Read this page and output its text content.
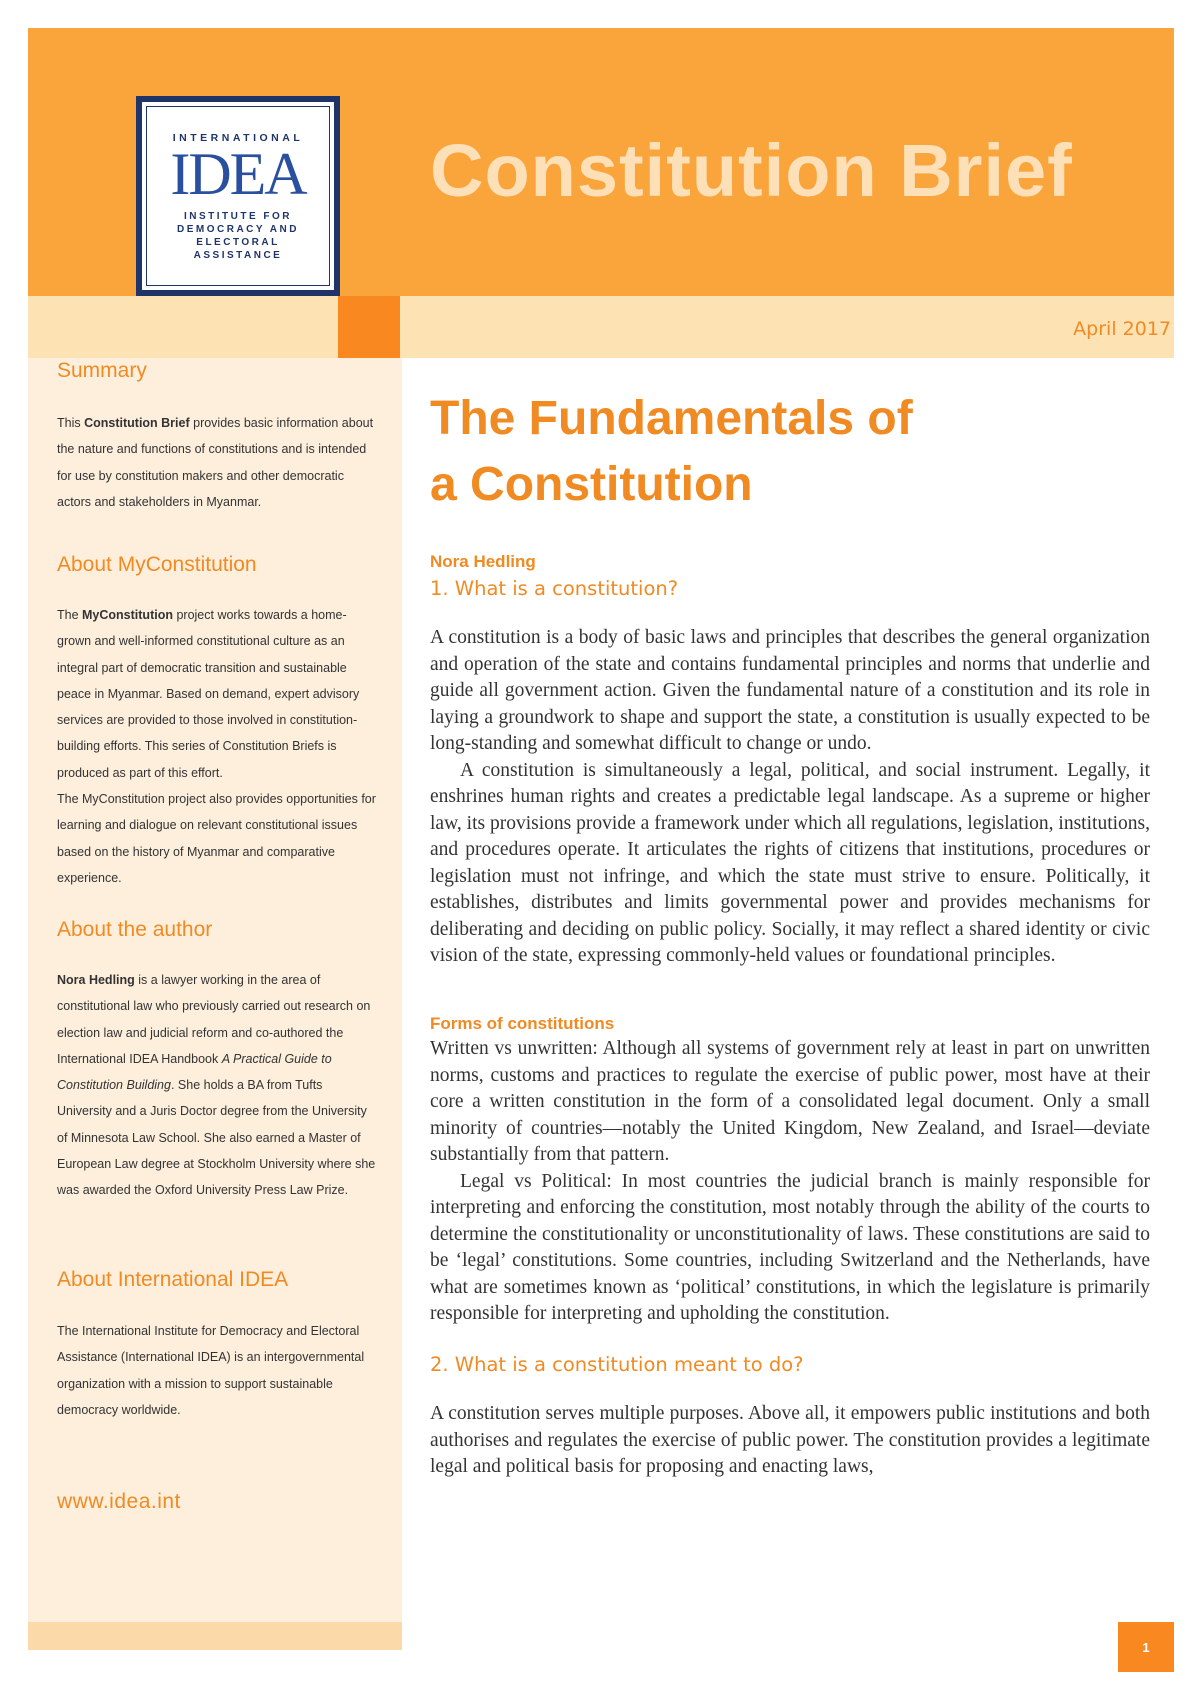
INTERNATIONAL
IDEA
INSTITUTE FOR
DEMOCRACY AND
ELECTORAL
ASSISTANCE
Constitution Brief
April 2017
Summary
This Constitution Brief provides basic information about the nature and functions of constitutions and is intended for use by constitution makers and other democratic actors and stakeholders in Myanmar.
About MyConstitution
The MyConstitution project works towards a home-grown and well-informed constitutional culture as an integral part of democratic transition and sustainable peace in Myanmar. Based on demand, expert advisory services are provided to those involved in constitution-building efforts. This series of Constitution Briefs is produced as part of this effort.
The MyConstitution project also provides opportunities for learning and dialogue on relevant constitutional issues based on the history of Myanmar and comparative experience.
About the author
Nora Hedling is a lawyer working in the area of constitutional law who previously carried out research on election law and judicial reform and co-authored the International IDEA Handbook A Practical Guide to Constitution Building. She holds a BA from Tufts University and a Juris Doctor degree from the University of Minnesota Law School. She also earned a Master of European Law degree at Stockholm University where she was awarded the Oxford University Press Law Prize.
About International IDEA
The International Institute for Democracy and Electoral Assistance (International IDEA) is an intergovernmental organization with a mission to support sustainable democracy worldwide.
www.idea.int
The Fundamentals of
a Constitution
Nora Hedling
1. What is a constitution?

A constitution is a body of basic laws and principles that describes the general organization and operation of the state and contains fundamental principles and norms that underlie and guide all government action. Given the fundamental nature of a constitution and its role in laying a groundwork to shape and support the state, a constitution is usually expected to be long-standing and somewhat difficult to change or undo.

A constitution is simultaneously a legal, political, and social instrument. Legally, it enshrines human rights and creates a predictable legal landscape. As a supreme or higher law, its provisions provide a framework under which all regulations, legislation, institutions, and procedures operate. It articulates the rights of citizens that institutions, procedures or legislation must not infringe, and which the state must strive to ensure. Politically, it establishes, distributes and limits governmental power and provides mechanisms for deliberating and deciding on public policy. Socially, it may reflect a shared identity or civic vision of the state, expressing commonly-held values or foundational principles.

Forms of constitutions

Written vs unwritten: Although all systems of government rely at least in part on unwritten norms, customs and practices to regulate the exercise of public power, most have at their core a written constitution in the form of a consolidated legal document. Only a small minority of countries—notably the United Kingdom, New Zealand, and Israel—deviate substantially from that pattern.

Legal vs Political: In most countries the judicial branch is mainly responsible for interpreting and enforcing the constitution, most notably through the ability of the courts to determine the constitutionality or unconstitutionality of laws. These constitutions are said to be ‘legal’ constitutions. Some countries, including Switzerland and the Netherlands, have what are sometimes known as ‘political’ constitutions, in which the legislature is primarily responsible for interpreting and upholding the constitution.

2. What is a constitution meant to do?

A constitution serves multiple purposes. Above all, it empowers public institutions and both authorises and regulates the exercise of public power. The constitution provides a legitimate legal and political basis for proposing and enacting laws,

1
